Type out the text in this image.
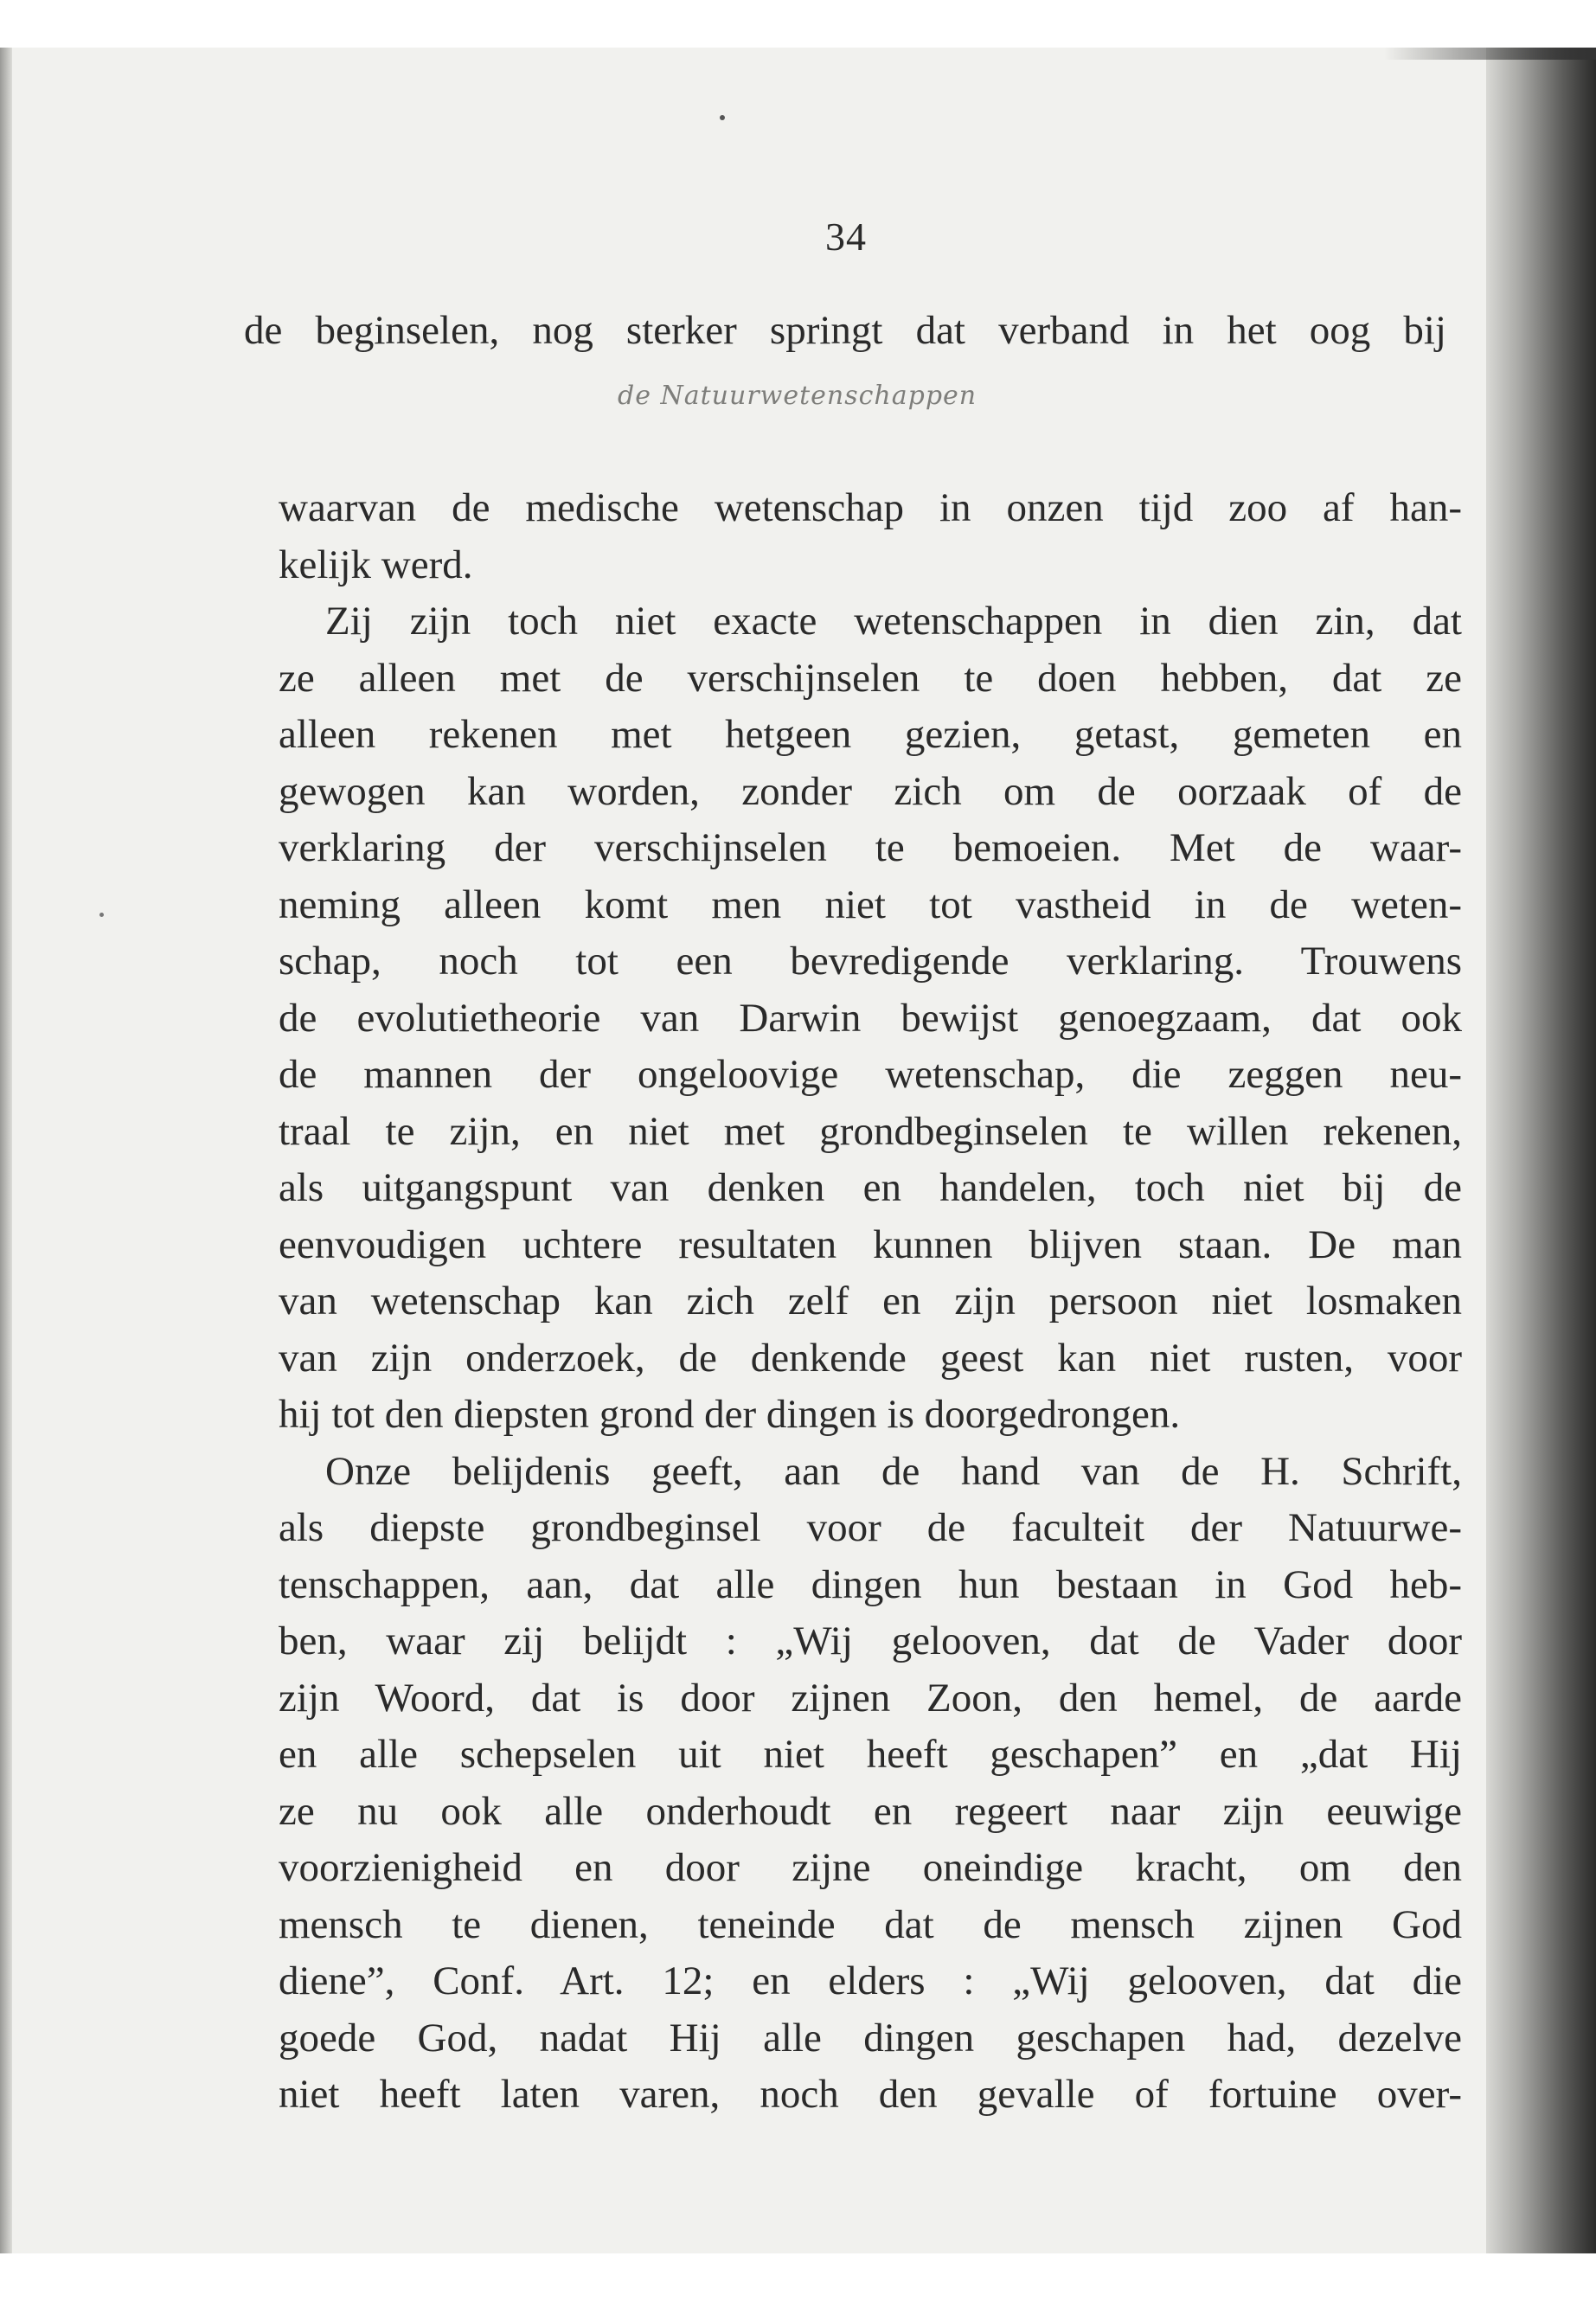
34
de beginselen, nog sterker springt dat verband in het oog bij
de Natuurwetenschappen
waarvan de medische wetenschap in onzen tijd zoo af han-
kelijk werd.
Zij zijn toch niet exacte wetenschappen in dien zin, dat
ze alleen met de verschijnselen te doen hebben, dat ze
alleen rekenen met hetgeen gezien, getast, gemeten en
gewogen kan worden, zonder zich om de oorzaak of de
verklaring der verschijnselen te bemoeien. Met de waar-
neming alleen komt men niet tot vastheid in de weten-
schap, noch tot een bevredigende verklaring. Trouwens
de evolutietheorie van Darwin bewijst genoegzaam, dat ook
de mannen der ongeloovige wetenschap, die zeggen neu-
traal te zijn, en niet met grondbeginselen te willen rekenen,
als uitgangspunt van denken en handelen, toch niet bij de
eenvoudigen uchtere resultaten kunnen blijven staan. De man
van wetenschap kan zich zelf en zijn persoon niet losmaken
van zijn onderzoek, de denkende geest kan niet rusten, voor
hij tot den diepsten grond der dingen is doorgedrongen.
Onze belijdenis geeft, aan de hand van de H. Schrift,
als diepste grondbeginsel voor de faculteit der Natuurwe-
tenschappen, aan, dat alle dingen hun bestaan in God heb-
ben, waar zij belijdt : „Wij gelooven, dat de Vader door
zijn Woord, dat is door zijnen Zoon, den hemel, de aarde
en alle schepselen uit niet heeft geschapen” en „dat Hij
ze nu ook alle onderhoudt en regeert naar zijn eeuwige
voorzienigheid en door zijne oneindige kracht, om den
mensch te dienen, teneinde dat de mensch zijnen God
diene”, Conf. Art. 12; en elders : „Wij gelooven, dat die
goede God, nadat Hij alle dingen geschapen had, dezelve
niet heeft laten varen, noch den gevalle of fortuine over-
